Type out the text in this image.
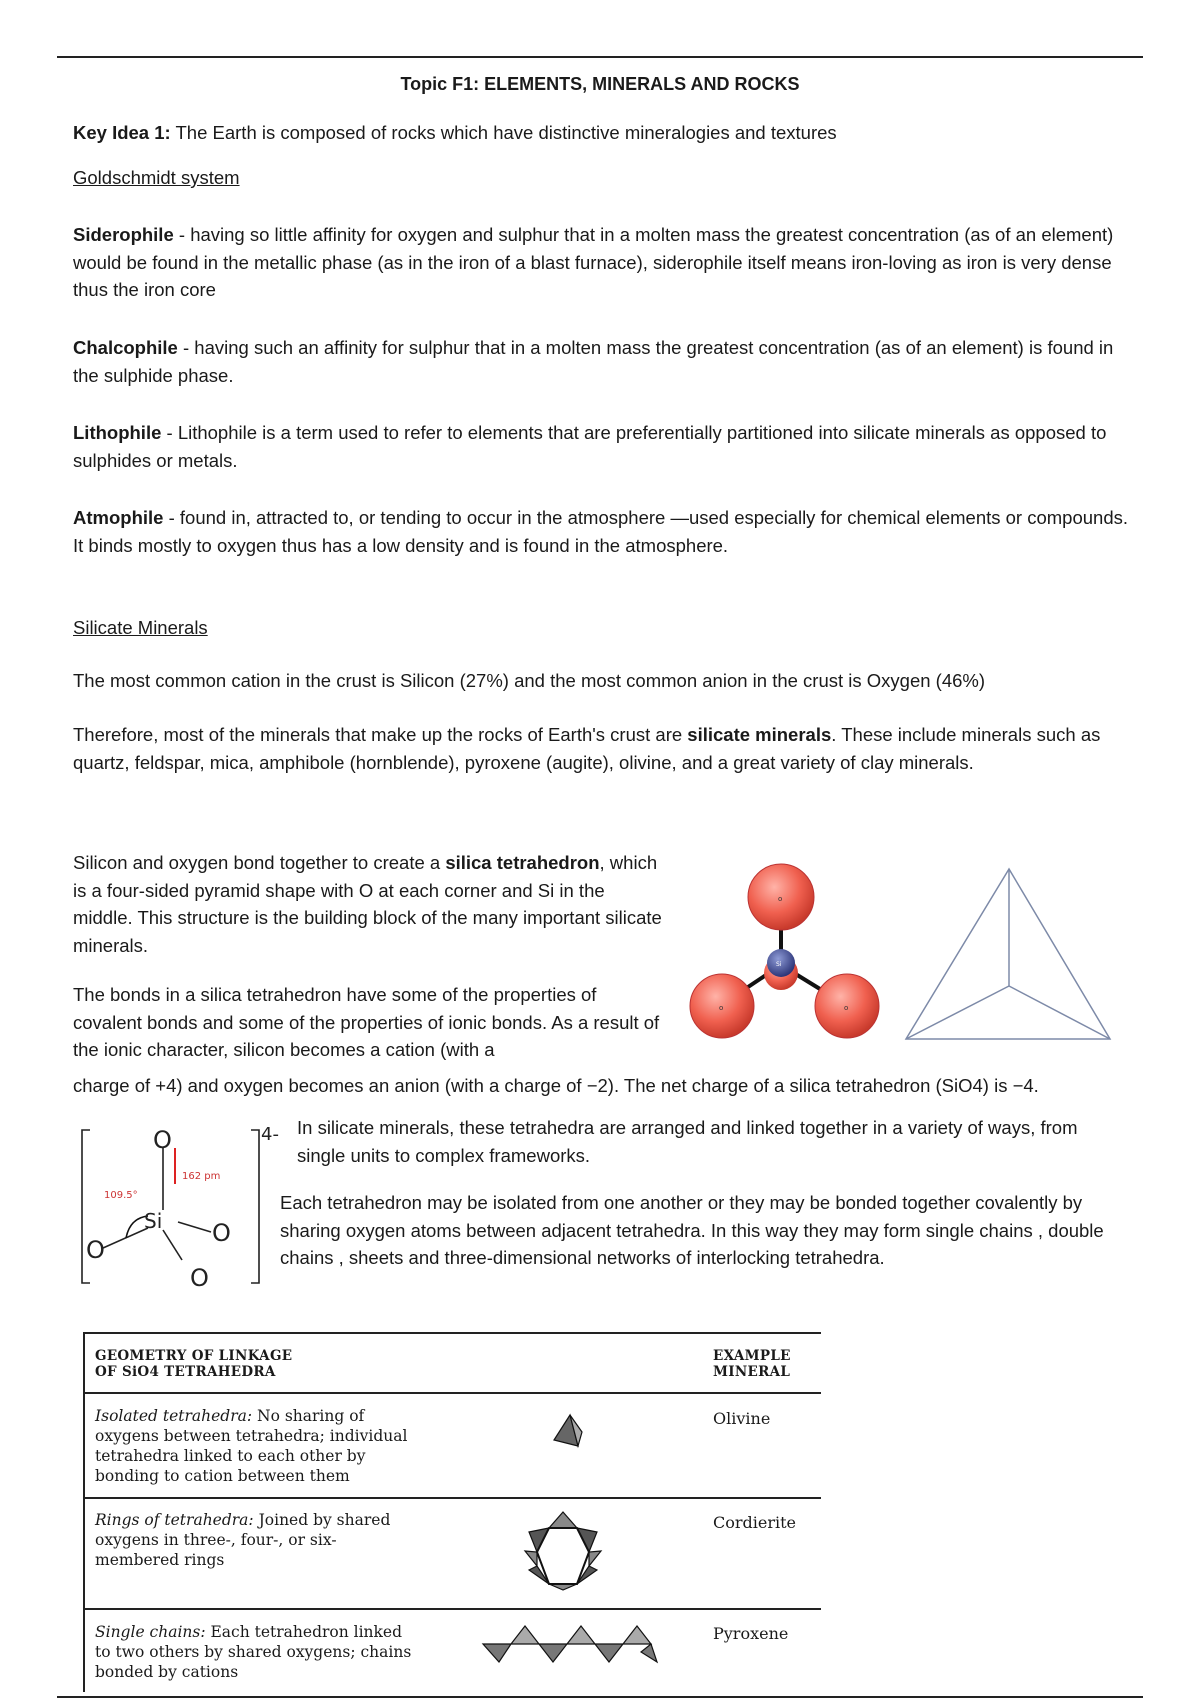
Topic F1: ELEMENTS, MINERALS AND ROCKS
Key Idea 1: The Earth is composed of rocks which have distinctive mineralogies and textures
Goldschmidt system
Siderophile - having so little affinity for oxygen and sulphur that in a molten mass the greatest concentration (as of an element) would be found in the metallic phase (as in the iron of a blast furnace), siderophile itself means iron-loving as iron is very dense thus the iron core
Chalcophile - having such an affinity for sulphur that in a molten mass the greatest concentration (as of an element) is found in the sulphide phase.
Lithophile - Lithophile is a term used to refer to elements that are preferentially partitioned into silicate minerals as opposed to sulphides or metals.
Atmophile - found in, attracted to, or tending to occur in the atmosphere —used especially for chemical elements or compounds. It binds mostly to oxygen thus has a low density and is found in the atmosphere.
Silicate Minerals
The most common cation in the crust is Silicon (27%) and the most common anion in the crust is Oxygen (46%)
Therefore, most of the minerals that make up the rocks of Earth's crust are silicate minerals. These include minerals such as quartz, feldspar, mica, amphibole (hornblende), pyroxene (augite), olivine, and a great variety of clay minerals.
Silicon and oxygen bond together to create a silica tetrahedron, which is a four-sided pyramid shape with O at each corner and Si in the middle. This structure is the building block of the many important silicate minerals.
The bonds in a silica tetrahedron have some of the properties of covalent bonds and some of the properties of ionic bonds. As a result of the ionic character, silicon becomes a cation (with a
charge of +4) and oxygen becomes an anion (with a charge of −2). The net charge of a silica tetrahedron (SiO4) is −4.
o
o	o
Si
O
Si
O
O
O
109.5°
162 pm
4- In silicate minerals, these tetrahedra are arranged and linked together in a variety of ways, from single units to complex frameworks.
Each tetrahedron may be isolated from one another or they may be bonded together covalently by sharing oxygen atoms between adjacent tetrahedra. In this way they may form single chains , double chains , sheets and three-dimensional networks of interlocking tetrahedra.
GEOMETRY OF LINKAGE
OF SiO4 TETRAHEDRA
EXAMPLE
MINERAL
Isolated tetrahedra: No sharing of oxygens between tetrahedra; individual tetrahedra linked to each other by bonding to cation between them
Olivine
Rings of tetrahedra: Joined by shared oxygens in three-, four-, or six-membered rings
Cordierite
Single chains: Each tetrahedron linked to two others by shared oxygens; chains bonded by cations
Pyroxene
